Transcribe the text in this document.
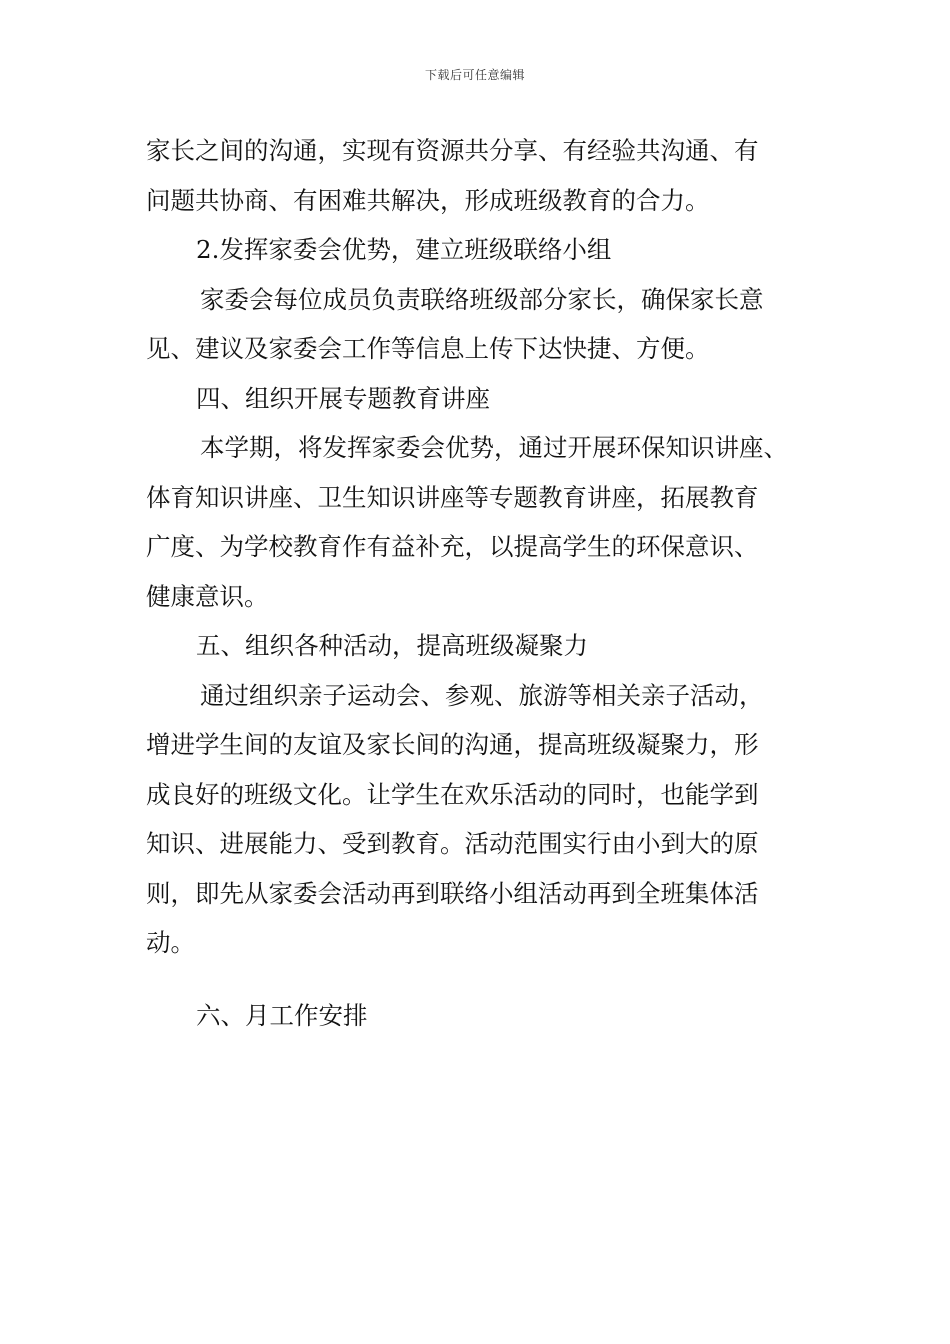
下载后可任意编辑
家长之间的沟通，实现有资源共分享、有经验共沟通、有
问题共协商、有困难共解决，形成班级教育的合力。
2.发挥家委会优势，建立班级联络小组
家委会每位成员负责联络班级部分家长，确保家长意
见、建议及家委会工作等信息上传下达快捷、方便。
四、组织开展专题教育讲座
本学期，将发挥家委会优势，通过开展环保知识讲座、
体育知识讲座、卫生知识讲座等专题教育讲座，拓展教育
广度、为学校教育作有益补充，以提高学生的环保意识、
健康意识。
五、组织各种活动，提高班级凝聚力
通过组织亲子运动会、参观、旅游等相关亲子活动，
增进学生间的友谊及家长间的沟通，提高班级凝聚力，形
成良好的班级文化。让学生在欢乐活动的同时，也能学到
知识、进展能力、受到教育。活动范围实行由小到大的原
则，即先从家委会活动再到联络小组活动再到全班集体活
动。
六、月工作安排
